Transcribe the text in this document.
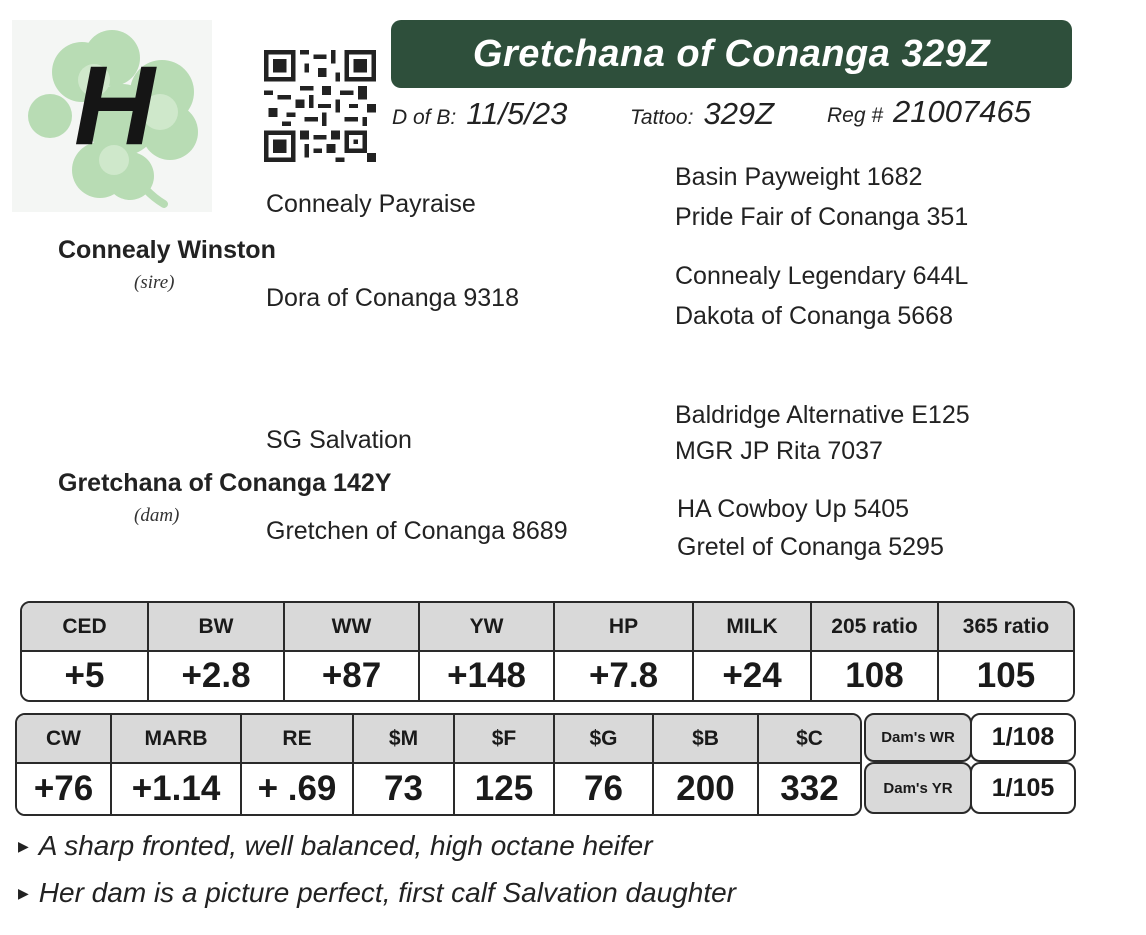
H	Gretchana of Conanga 329Z
D of B: 11/5/23	Tattoo: 329Z	Reg # 21007465
Basin Payweight 1682
Connealy Payraise	Pride Fair of Conanga 351
Connealy Winston
Connealy Legendary 644L
(sire)
Dora of Conanga 9318
Dakota of Conanga 5668
Baldridge Alternative E125
SG Salvation	MGR JP Rita 7037
Gretchana of Conanga 142Y
HA Cowboy Up 5405
(dam)
Gretchen of Conanga 8689
Gretel of Conanga 5295
CED	BW	WW	YW	HP	MILK	205 ratio	365 ratio
+5	+2.8	+87	+148	+7.8	+24	108	105
CW	MARB	RE	$M	$F	$G	$B	$C
+76	+1.14	+ .69	73	125	76	200	332
Dam's WR	1/108
Dam's YR	1/105
▶ A sharp fronted, well balanced, high octane heifer
▶ Her dam is a picture perfect, first calf Salvation daughter
